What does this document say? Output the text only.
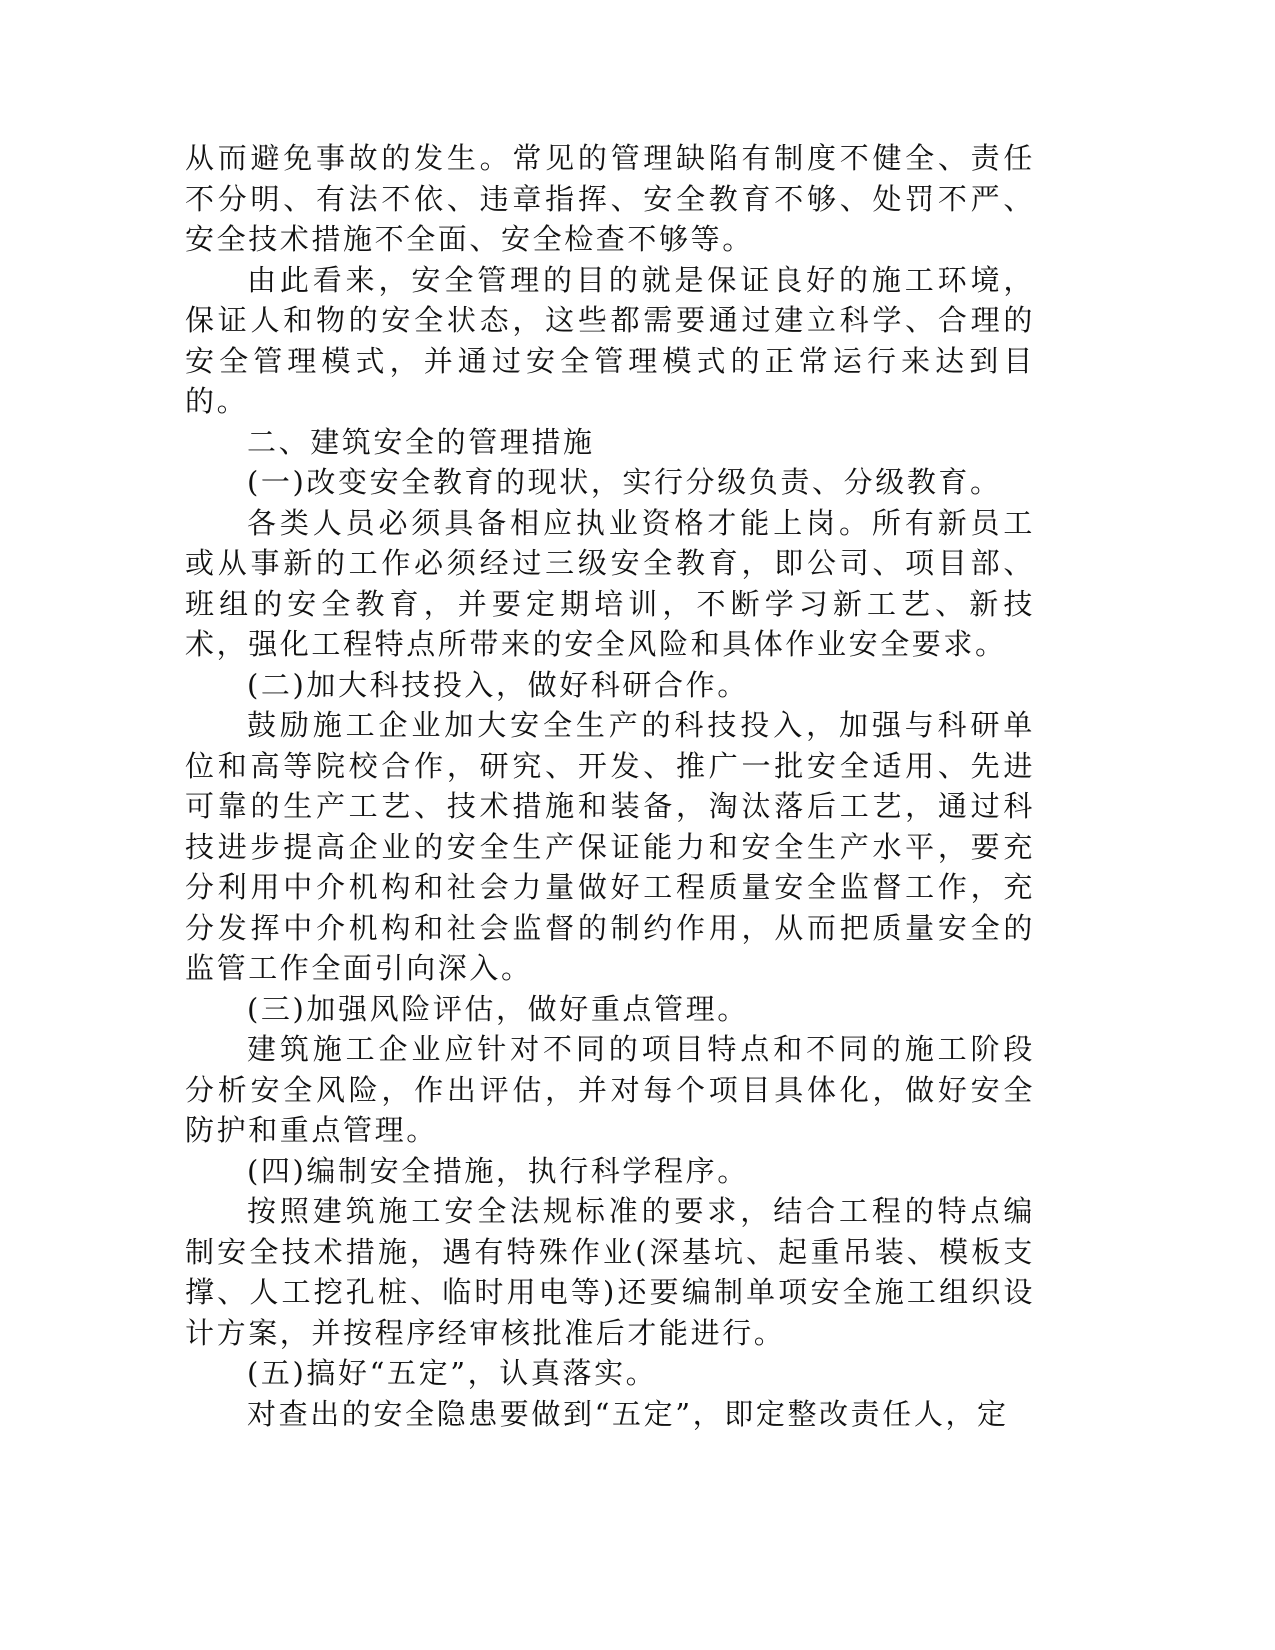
从而避免事故的发生。常见的管理缺陷有制度不健全、责任不分明、有法不依、违章指挥、安全教育不够、处罚不严、安全技术措施不全面、安全检查不够等。

由此看来，安全管理的目的就是保证良好的施工环境，保证人和物的安全状态，这些都需要通过建立科学、合理的安全管理模式，并通过安全管理模式的正常运行来达到目的。

二、建筑安全的管理措施

(一)改变安全教育的现状，实行分级负责、分级教育。

各类人员必须具备相应执业资格才能上岗。所有新员工或从事新的工作必须经过三级安全教育，即公司、项目部、班组的安全教育，并要定期培训，不断学习新工艺、新技术，强化工程特点所带来的安全风险和具体作业安全要求。

(二)加大科技投入，做好科研合作。

鼓励施工企业加大安全生产的科技投入，加强与科研单位和高等院校合作，研究、开发、推广一批安全适用、先进可靠的生产工艺、技术措施和装备，淘汰落后工艺，通过科技进步提高企业的安全生产保证能力和安全生产水平，要充分利用中介机构和社会力量做好工程质量安全监督工作，充分发挥中介机构和社会监督的制约作用，从而把质量安全的监管工作全面引向深入。

(三)加强风险评估，做好重点管理。

建筑施工企业应针对不同的项目特点和不同的施工阶段分析安全风险，作出评估，并对每个项目具体化，做好安全防护和重点管理。

(四)编制安全措施，执行科学程序。

按照建筑施工安全法规标准的要求，结合工程的特点编制安全技术措施，遇有特殊作业(深基坑、起重吊装、模板支撑、人工挖孔桩、临时用电等)还要编制单项安全施工组织设计方案，并按程序经审核批准后才能进行。

(五)搞好“五定”，认真落实。

对查出的安全隐患要做到“五定”，即定整改责任人，定
